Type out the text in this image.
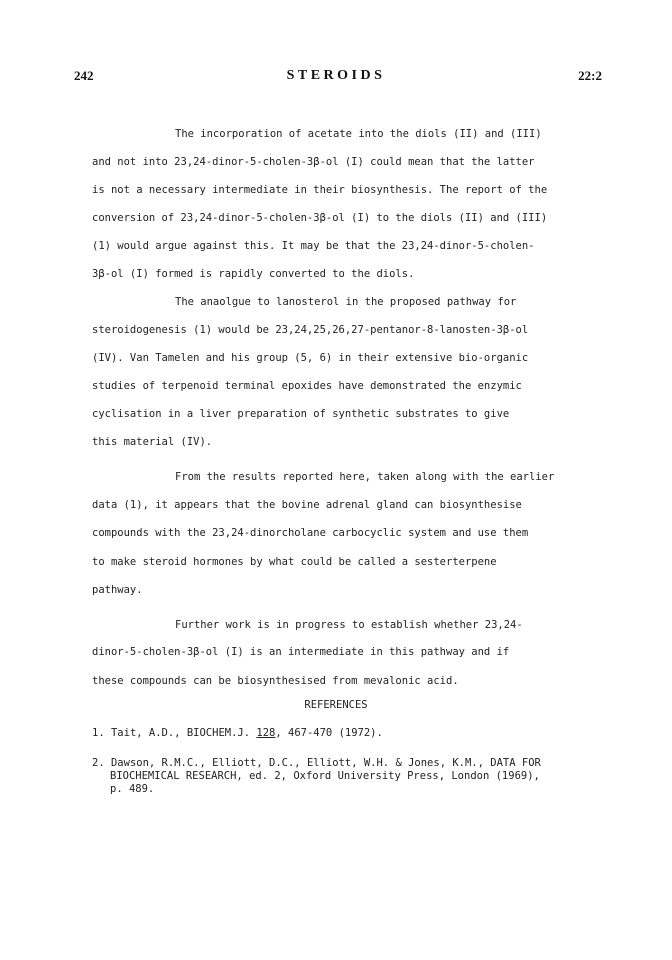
242	STEROIDS	22:2
The incorporation of acetate into the diols (II) and (III)
and not into 23,24-dinor-5-cholen-3β-ol (I) could mean that the latter
is not a necessary intermediate in their biosynthesis. The report of the
conversion of 23,24-dinor-5-cholen-3β-ol (I) to the diols (II) and (III)
(1) would argue against this. It may be that the 23,24-dinor-5-cholen-
3β-ol (I) formed is rapidly converted to the diols.
The anaolgue to lanosterol in the proposed pathway for
steroidogenesis (1) would be 23,24,25,26,27-pentanor-8-lanosten-3β-ol
(IV). Van Tamelen and his group (5, 6) in their extensive bio-organic
studies of terpenoid terminal epoxides have demonstrated the enzymic
cyclisation in a liver preparation of synthetic substrates to give
this material (IV).
From the results reported here, taken along with the earlier
data (1), it appears that the bovine adrenal gland can biosynthesise
compounds with the 23,24-dinorcholane carbocyclic system and use them
to make steroid hormones by what could be called a sesterterpene
pathway.
Further work is in progress to establish whether 23,24-
dinor-5-cholen-3β-ol (I) is an intermediate in this pathway and if
these compounds can be biosynthesised from mevalonic acid.
REFERENCES
1. Tait, A.D., BIOCHEM.J. 128, 467-470 (1972).
2. Dawson, R.M.C., Elliott, D.C., Elliott, W.H. & Jones, K.M., DATA FOR
BIOCHEMICAL RESEARCH, ed. 2, Oxford University Press, London (1969),
p. 489.
